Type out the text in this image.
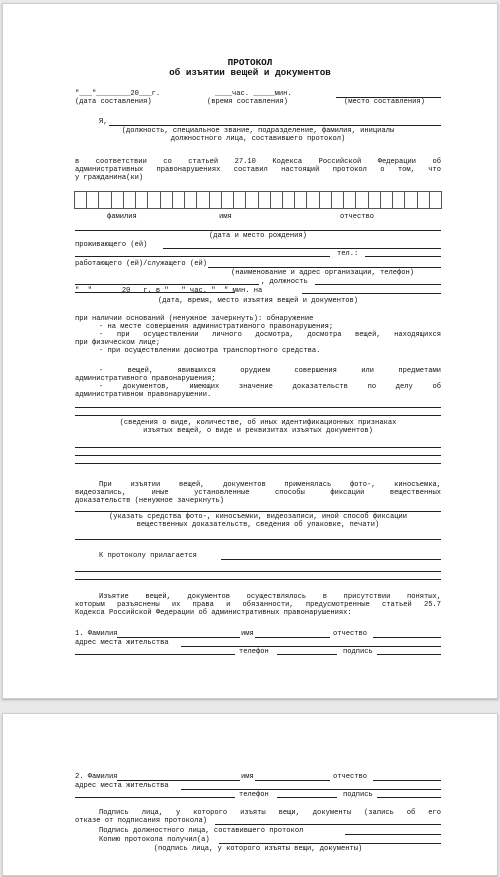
ПРОТОКОЛ
об изъятии вещей и документов
"___"________20___г.	____час. _____мин.
(дата составления)	(время составления)	(место составления)
Я,
(должность, специальное звание, подразделение, фамилия, инициалы
должностного лица, составившего протокол)
в соответствии со статьей 27.10 Кодекса Российской Федерации об
административных правонарушениях составил настоящий протокол о том, что
у гражданина(ки)
фамилия	имя	отчество
(дата и место рождения)
проживающего (ей)
тел.:
работающего (ей)/служащего (ей)
(наименование и адрес организации, телефон)
, должность
"__"_______20___г. в "___" час. "__" мин. на
(дата, время, место изъятия вещей и документов)
при наличии оснований (ненужное зачеркнуть): обнаружение
- на месте совершения административного правонарушения;
- при осуществлении личного досмотра, досмотра вещей, находящихся
при физическом лице;
- при осуществлении досмотра транспортного средства.
- вещей, явившихся орудием совершения или предметами
административного правонарушения;
- документов, имеющих значение доказательств по делу об
административном правонарушении.
(сведения о виде, количестве, об иных идентификационных признаках
изъятых вещей, о виде и реквизитах изъятых документов)
При изъятии вещей, документов применялась фото-, киносъемка,
видеозапись, иные установленные способы фиксации вещественных
доказательств (ненужное зачеркнуть)
(указать средства фото-, киносъемки, видеозаписи, иной способ фиксации
вещественных доказательств, сведения об упаковке, печати)
К протоколу прилагается
Изъятие вещей, документов осуществлялось в присутствии понятых,
которым разъяснены их права и обязанности, предусмотренные статьей 25.7
Кодекса Российской Федерации об административных правонарушениях:
1. Фамилия	имя	отчество
адрес места жительства
телефон	подпись
2. Фамилия	имя	отчество
адрес места жительства
телефон	подпись
Подпись лица, у которого изъяты вещи, документы (запись об его
отказе от подписания протокола)
Подпись должностного лица, составившего протокол
Копию протокола получил(а)
(подпись лица, у которого изъяты вещи, документы)
